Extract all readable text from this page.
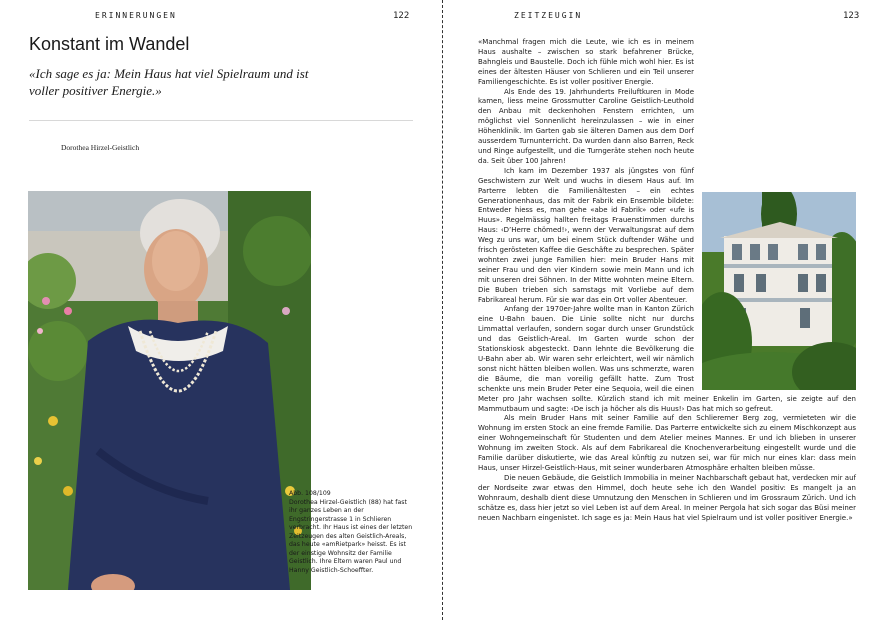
ERINNERUNGEN	122
Konstant im Wandel
«Ich sage es ja: Mein Haus hat viel Spielraum und ist voller positiver Energie.»
Dorothea Hirzel-Geistlich
Abb. 108/109
Dorothea Hirzel-Geistlich (88) hat fast ihr ganzes Leben an der Engstringerstrasse 1 in Schlieren verbracht. Ihr Haus ist eines der letzten Zeitzeugen des alten Geistlich-Areals, das heute «amRietpark» heisst. Es ist der einstige Wohnsitz der Familie Geistlich. Ihre Eltern waren Paul und Hanny Geistlich-Schoeffter.
ZEITZEUGIN	123

«Manchmal fragen mich die Leute, wie ich es in meinem Haus aushalte – zwischen so stark befahrener Brücke, Bahngleis und Baustelle. Doch ich fühle mich wohl hier. Es ist eines der ältesten Häuser von Schlieren und ein Teil unserer Familiengeschichte. Es ist voller positiver Energie.

Als Ende des 19. Jahrhunderts Freiluftkuren in Mode kamen, liess meine Grossmutter Caroline Geistlich-Leuthold den Anbau mit deckenhohen Fenstern errichten, um möglichst viel Sonnenlicht hereinzulassen – wie in einer Höhenklinik. Im Garten gab sie älteren Damen aus dem Dorf ausserdem Turnunterricht. Da wurden dann also Barren, Reck und Ringe aufgestellt, und die Turngeräte stehen noch heute da. Seit über 100 Jahren!

Ich kam im Dezember 1937 als jüngstes von fünf Geschwistern zur Welt und wuchs in diesem Haus auf. Im Parterre lebten die Familienältesten – ein echtes Generationenhaus, das mit der Fabrik ein Ensemble bildete: Entweder hiess es, man gehe «abe id Fabrik» oder «ufe is Huus». Regelmässig hallten freitags Frauenstimmen durchs Haus: ‹D’Herre chömed!›, wenn der Verwaltungsrat auf dem Weg zu uns war, um bei einem Stück duftender Wähe und frisch gerösteten Kaffee die Geschäfte zu besprechen. Später wohnten zwei junge Familien hier: mein Bruder Hans mit seiner Frau und den vier Kindern sowie mein Mann und ich mit unseren drei Söhnen. In der Mitte wohnten meine Eltern. Die Buben trieben sich samstags mit Vorliebe auf dem Fabrikareal herum. Für sie war das ein Ort voller Abenteuer.

Anfang der 1970er-Jahre wollte man in Kanton Zürich eine U-Bahn bauen. Die Linie sollte nicht nur durchs Limmattal verlaufen, sondern sogar durch unser Grundstück und das Geistlich-Areal. Im Garten wurde schon der Stationskiosk abgesteckt. Dann lehnte die Bevölkerung die U-Bahn aber ab. Wir waren sehr erleichtert, weil wir nämlich sonst nicht hätten bleiben wollen. Was uns schmerzte, waren die Bäume, die man voreilig gefällt hatte. Zum Trost schenkte uns mein Bruder Peter eine Sequoia, weil die einen Meter pro Jahr wachsen sollte. Kürzlich stand ich mit meiner Enkelin im Garten, sie zeigte auf den Mammutbaum und sagte: ‹De isch ja höcher als dis Huus!› Das hat mich so gefreut.

Als mein Bruder Hans mit seiner Familie auf den Schlieremer Berg zog, vermieteten wir die Wohnung im ersten Stock an eine fremde Familie. Das Parterre entwickelte sich zu einem Mischkonzept aus einer Wohngemeinschaft für Studenten und dem Atelier meines Mannes. Er und ich blieben in unserer Wohnung im zweiten Stock. Als auf dem Fabrikareal die Knochenverarbeitung eingestellt wurde und die Familie darüber diskutierte, wie das Areal künftig zu nutzen sei, war für mich nur eines klar: dass mein Haus, unser Hirzel-Geistlich-Haus, mit seiner wunderbaren Atmosphäre erhalten bleiben müsse.

Die neuen Gebäude, die Geistlich Immobilia in meiner Nachbarschaft gebaut hat, verdecken mir auf der Nordseite zwar etwas den Himmel, doch heute sehe ich den Wandel positiv: Es mangelt ja an Wohnraum, deshalb dient diese Umnutzung den Menschen in Schlieren und im Grossraum Zürich. Und ich schätze es, dass hier jetzt so viel Leben ist auf dem Areal. In meiner Pergola hat sich sogar das Büsi meiner neuen Nachbarn eingenistet. Ich sage es ja: Mein Haus hat viel Spielraum und ist voller positiver Energie.»
